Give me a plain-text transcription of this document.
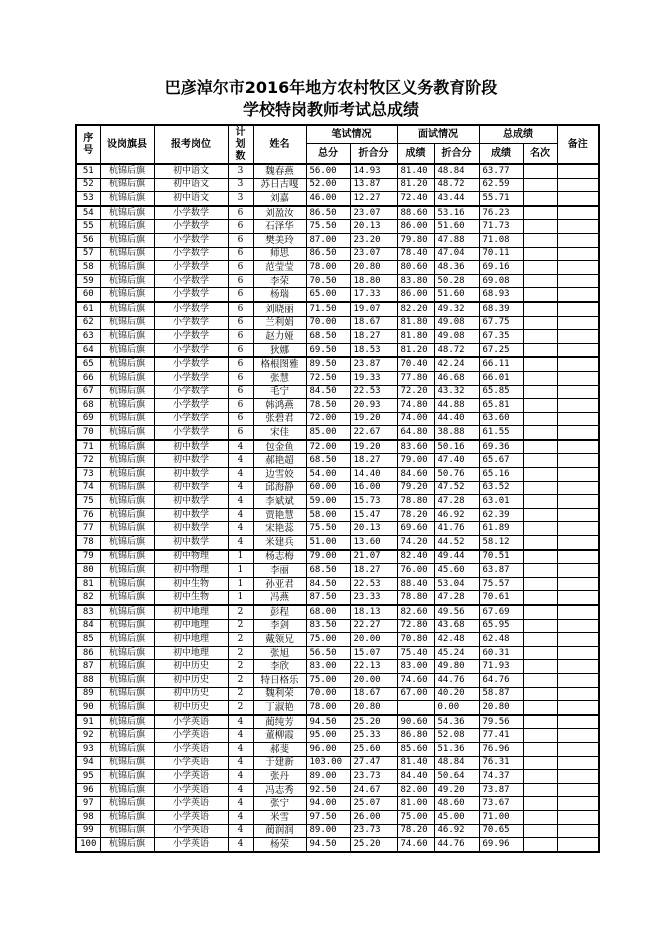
巴彦淖尔市2016年地方农村牧区义务教育阶段
学校特岗教师考试总成绩
序号	设岗旗县	报考岗位	计划数	姓名	笔试情况		面试情况		总成绩		备注
					总分	折合分	成绩	折合分	成绩	名次	
51	杭锦后旗	初中语文	3	魏春燕	56.00	14.93	81.40	48.84	63.77		
52	杭锦后旗	初中语文	3	苏日古嘎	52.00	13.87	81.20	48.72	62.59		
53	杭锦后旗	初中语文	3	刘嘉	46.00	12.27	72.40	43.44	55.71		
54	杭锦后旗	小学数学	6	刘盈汝	86.50	23.07	88.60	53.16	76.23		
55	杭锦后旗	小学数学	6	石泽华	75.50	20.13	86.00	51.60	71.73		
56	杭锦后旗	小学数学	6	樊美玲	87.00	23.20	79.80	47.88	71.08		
57	杭锦后旗	小学数学	6	师思	86.50	23.07	78.40	47.04	70.11		
58	杭锦后旗	小学数学	6	范莹莹	78.00	20.80	80.60	48.36	69.16		
59	杭锦后旗	小学数学	6	李荣	70.50	18.80	83.80	50.28	69.08		
60	杭锦后旗	小学数学	6	杨瑞	65.00	17.33	86.00	51.60	68.93		
61	杭锦后旗	小学数学	6	刘晓丽	71.50	19.07	82.20	49.32	68.39		
62	杭锦后旗	小学数学	6	兰利娟	70.00	18.67	81.80	49.08	67.75		
63	杭锦后旗	小学数学	6	赵力娅	68.50	18.27	81.80	49.08	67.35		
64	杭锦后旗	小学数学	6	狄娜	69.50	18.53	81.20	48.72	67.25		
65	杭锦后旗	小学数学	6	格根图雅	89.50	23.87	70.40	42.24	66.11		
66	杭锦后旗	小学数学	6	张慧	72.50	19.33	77.80	46.68	66.01		
67	杭锦后旗	小学数学	6	毛宁	84.50	22.53	72.20	43.32	65.85		
68	杭锦后旗	小学数学	6	韩鸿燕	78.50	20.93	74.80	44.88	65.81		
69	杭锦后旗	小学数学	6	张碧君	72.00	19.20	74.00	44.40	63.60		
70	杭锦后旗	小学数学	6	宋佳	85.00	22.67	64.80	38.88	61.55		
71	杭锦后旗	初中数学	4	包金鱼	72.00	19.20	83.60	50.16	69.36		
72	杭锦后旗	初中数学	4	郝艳超	68.50	18.27	79.00	47.40	65.67		
73	杭锦后旗	初中数学	4	边雪姣	54.00	14.40	84.60	50.76	65.16		
74	杭锦后旗	初中数学	4	邱海静	60.00	16.00	79.20	47.52	63.52		
75	杭锦后旗	初中数学	4	李斌斌	59.00	15.73	78.80	47.28	63.01		
76	杭锦后旗	初中数学	4	贾艳慧	58.00	15.47	78.20	46.92	62.39		
77	杭锦后旗	初中数学	4	宋艳蕊	75.50	20.13	69.60	41.76	61.89		
78	杭锦后旗	初中数学	4	米建兵	51.00	13.60	74.20	44.52	58.12		
79	杭锦后旗	初中物理	1	杨志梅	79.00	21.07	82.40	49.44	70.51		
80	杭锦后旗	初中物理	1	李丽	68.50	18.27	76.00	45.60	63.87		
81	杭锦后旗	初中生物	1	孙亚君	84.50	22.53	88.40	53.04	75.57		
82	杭锦后旗	初中生物	1	冯燕	87.50	23.33	78.80	47.28	70.61		
83	杭锦后旗	初中地理	2	彭程	68.00	18.13	82.60	49.56	67.69		
84	杭锦后旗	初中地理	2	李剑	83.50	22.27	72.80	43.68	65.95		
85	杭锦后旗	初中地理	2	戴领兄	75.00	20.00	70.80	42.48	62.48		
86	杭锦后旗	初中地理	2	张旭	56.50	15.07	75.40	45.24	60.31		
87	杭锦后旗	初中历史	2	李欣	83.00	22.13	83.00	49.80	71.93		
88	杭锦后旗	初中历史	2	特日格乐	75.00	20.00	74.60	44.76	64.76		
89	杭锦后旗	初中历史	2	魏利荣	70.00	18.67	67.00	40.20	58.87		
90	杭锦后旗	初中历史	2	丁淑艳	78.00	20.80		0.00	20.80		
91	杭锦后旗	小学英语	4	蔺纯芳	94.50	25.20	90.60	54.36	79.56		
92	杭锦后旗	小学英语	4	董柳霞	95.00	25.33	86.80	52.08	77.41		
93	杭锦后旗	小学英语	4	郝斐	96.00	25.60	85.60	51.36	76.96		
94	杭锦后旗	小学英语	4	于建新	103.00	27.47	81.40	48.84	76.31		
95	杭锦后旗	小学英语	4	张丹	89.00	23.73	84.40	50.64	74.37		
96	杭锦后旗	小学英语	4	冯志秀	92.50	24.67	82.00	49.20	73.87		
97	杭锦后旗	小学英语	4	张宁	94.00	25.07	81.00	48.60	73.67		
98	杭锦后旗	小学英语	4	米雪	97.50	26.00	75.00	45.00	71.00		
99	杭锦后旗	小学英语	4	蔺润润	89.00	23.73	78.20	46.92	70.65		
100	杭锦后旗	小学英语	4	杨荣	94.50	25.20	74.60	44.76	69.96		
